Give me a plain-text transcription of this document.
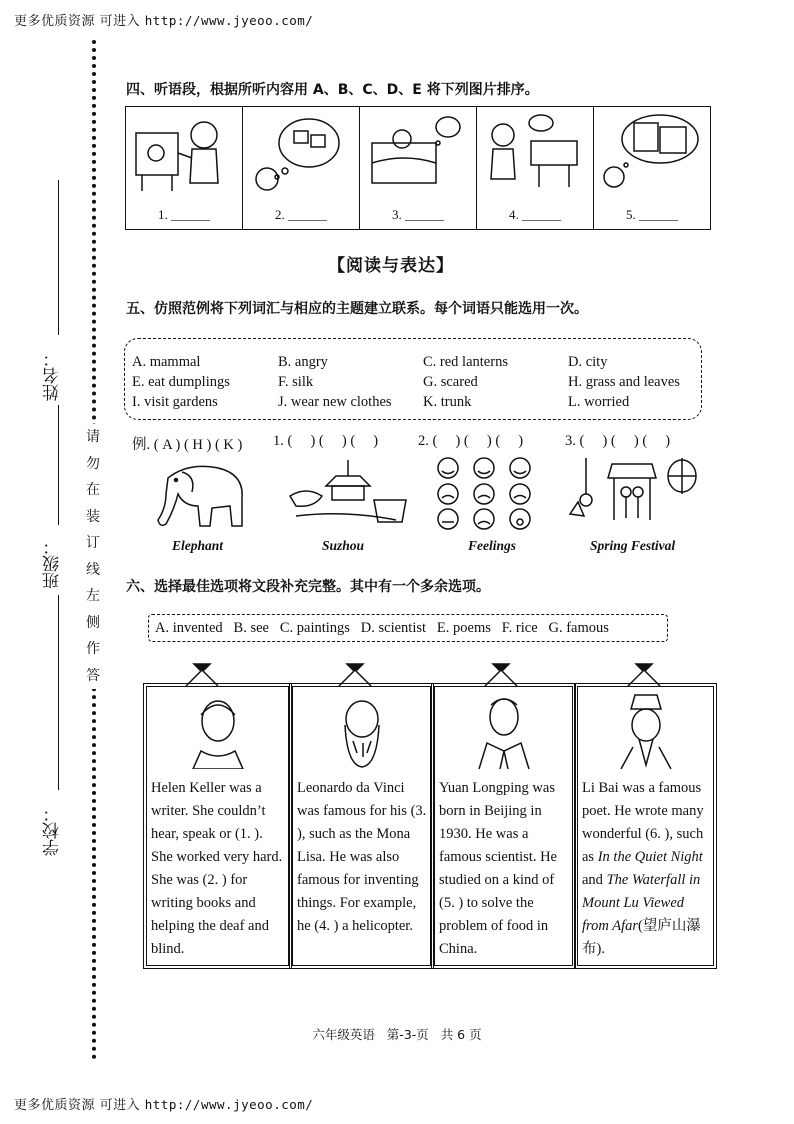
更多优质资源 可进入 http://www.jyeoo.com/
更多优质资源 可进入 http://www.jyeoo.com/
姓名：
班级：
学校：
请
勿
在
装
订
线
左
侧
作
答
四、听语段，根据所听内容用 A、B、C、D、E 将下列图片排序。
1. ______	2. ______	3. ______	4. ______	5. ______
【阅读与表达】
五、仿照范例将下列词汇与相应的主题建立联系。每个词语只能选用一次。
A. mammal	B. angry	C. red lanterns	D. city
E. eat dumplings	F. silk	G. scared	H. grass and leaves
I. visit gardens	J. wear new clothes K. trunk	L. worried
例. ( A ) ( H ) ( K ) 1. (     ) (     ) (     )	2. (     ) (     ) (     )	3. (     ) (     ) (     )
Elephant	Suzhou	Feelings	Spring Festival
六、选择最佳选项将文段补充完整。其中有一个多余选项。
A. invented   B. see   C. paintings   D. scientist   E. poems   F. rice   G. famous
Helen Keller was a writer. She couldn’t hear, speak or (1. ). She worked very hard. She was (2. ) for writing books and helping the deaf and blind.
Leonardo da Vinci was famous for his (3. ), such as the Mona Lisa. He was also famous for inventing things. For example, he (4. ) a helicopter.
Yuan Longping was born in Beijing in 1930. He was a famous scientist. He studied on a kind of (5. ) to solve the problem of food in China.
Li Bai was a famous poet. He wrote many wonderful (6. ), such as In the Quiet Night and The Waterfall in Mount Lu Viewed from Afar(望庐山瀑布).
六年级英语   第-3-页   共 6 页
